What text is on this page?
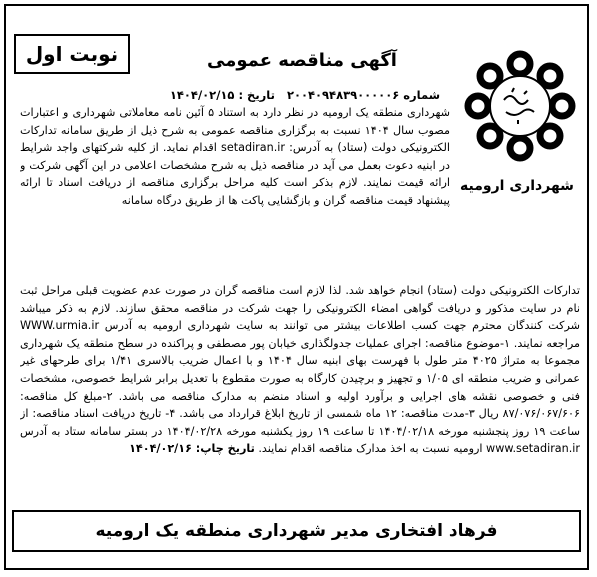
نوبت اول	آگهی مناقصه عمومی
شماره ۲۰۰۴۰۹۴۸۳۹۰۰۰۰۰۶ تاریخ : ۱۴۰۴/۰۲/۱۵
شهرداری ارومیه
شهرداری منطقه یک ارومیه در نظر دارد به استناد ۵ آئین نامه معاملاتی شهرداری و اعتبارات مصوب سال ۱۴۰۴ نسبت به برگزاری مناقصه عمومی به شرح ذیل از طریق سامانه تدارکات الکترونیکی دولت (ستاد) به آدرس: setadiran.ir اقدام نماید. از کلیه شرکتهای واجد شرایط در ابنیه دعوت بعمل می آید در مناقصه ذیل به شرح مشخصات اعلامی در این آگهی شرکت و ارائه قیمت نمایند. لازم بذکر است کلیه مراحل برگزاری مناقصه از دریافت اسناد تا ارائه پیشنهاد قیمت مناقصه گران و بازگشایی پاکت ها از طریق درگاه سامانه
تدارکات الکترونیکی دولت (ستاد) انجام خواهد شد. لذا لازم است مناقصه گران در صورت عدم عضویت قبلی مراحل ثبت نام در سایت مذکور و دریافت گواهی امضاء الکترونیکی را جهت شرکت در مناقصه محقق سازند. لازم به ذکر میباشد شرکت کنندگان محترم جهت کسب اطلاعات بیشتر می توانند به سایت شهرداری ارومیه به آدرس WWW.urmia.ir مراجعه نمایند. ۱-موضوع مناقصه: اجرای عملیات جدولگذاری خیابان پور مصطفی و پراکنده در سطح منطقه یک شهرداری مجموعا به متراژ ۴۰۲۵ متر طول با فهرست بهای ابنیه سال ۱۴۰۴ و با اعمال ضریب بالاسری ۱/۴۱ برای طرحهای غیر عمرانی و ضریب منطقه ای ۱/۰۵ و تجهیز و برچیدن کارگاه به صورت مقطوع با تعدیل برابر شرایط خصوصی، مشخصات فنی و خصوصی نقشه های اجرایی و برآورد اولیه و اسناد منضم به مدارک مناقصه می باشد. ۲-مبلغ کل مناقصه: ۸۷/۰۷۶/۰۶۷/۶۰۶ ریال ۳-مدت مناقصه: ۱۲ ماه شمسی از تاریخ ابلاغ قرارداد می باشد. ۴- تاریخ دریافت اسناد مناقصه: از ساعت ۱۹ روز پنجشنبه مورخه ۱۴۰۴/۰۲/۱۸ تا ساعت ۱۹ روز یکشنبه مورخه ۱۴۰۴/۰۲/۲۸ در بستر سامانه ستاد به آدرس www.setadiran.ir ارومیه نسبت به اخذ مدارک مناقصه اقدام نمایند. تاریخ چاپ: ۱۴۰۴/۰۲/۱۶
فرهاد افتخاری مدیر شهرداری منطقه یک ارومیه
